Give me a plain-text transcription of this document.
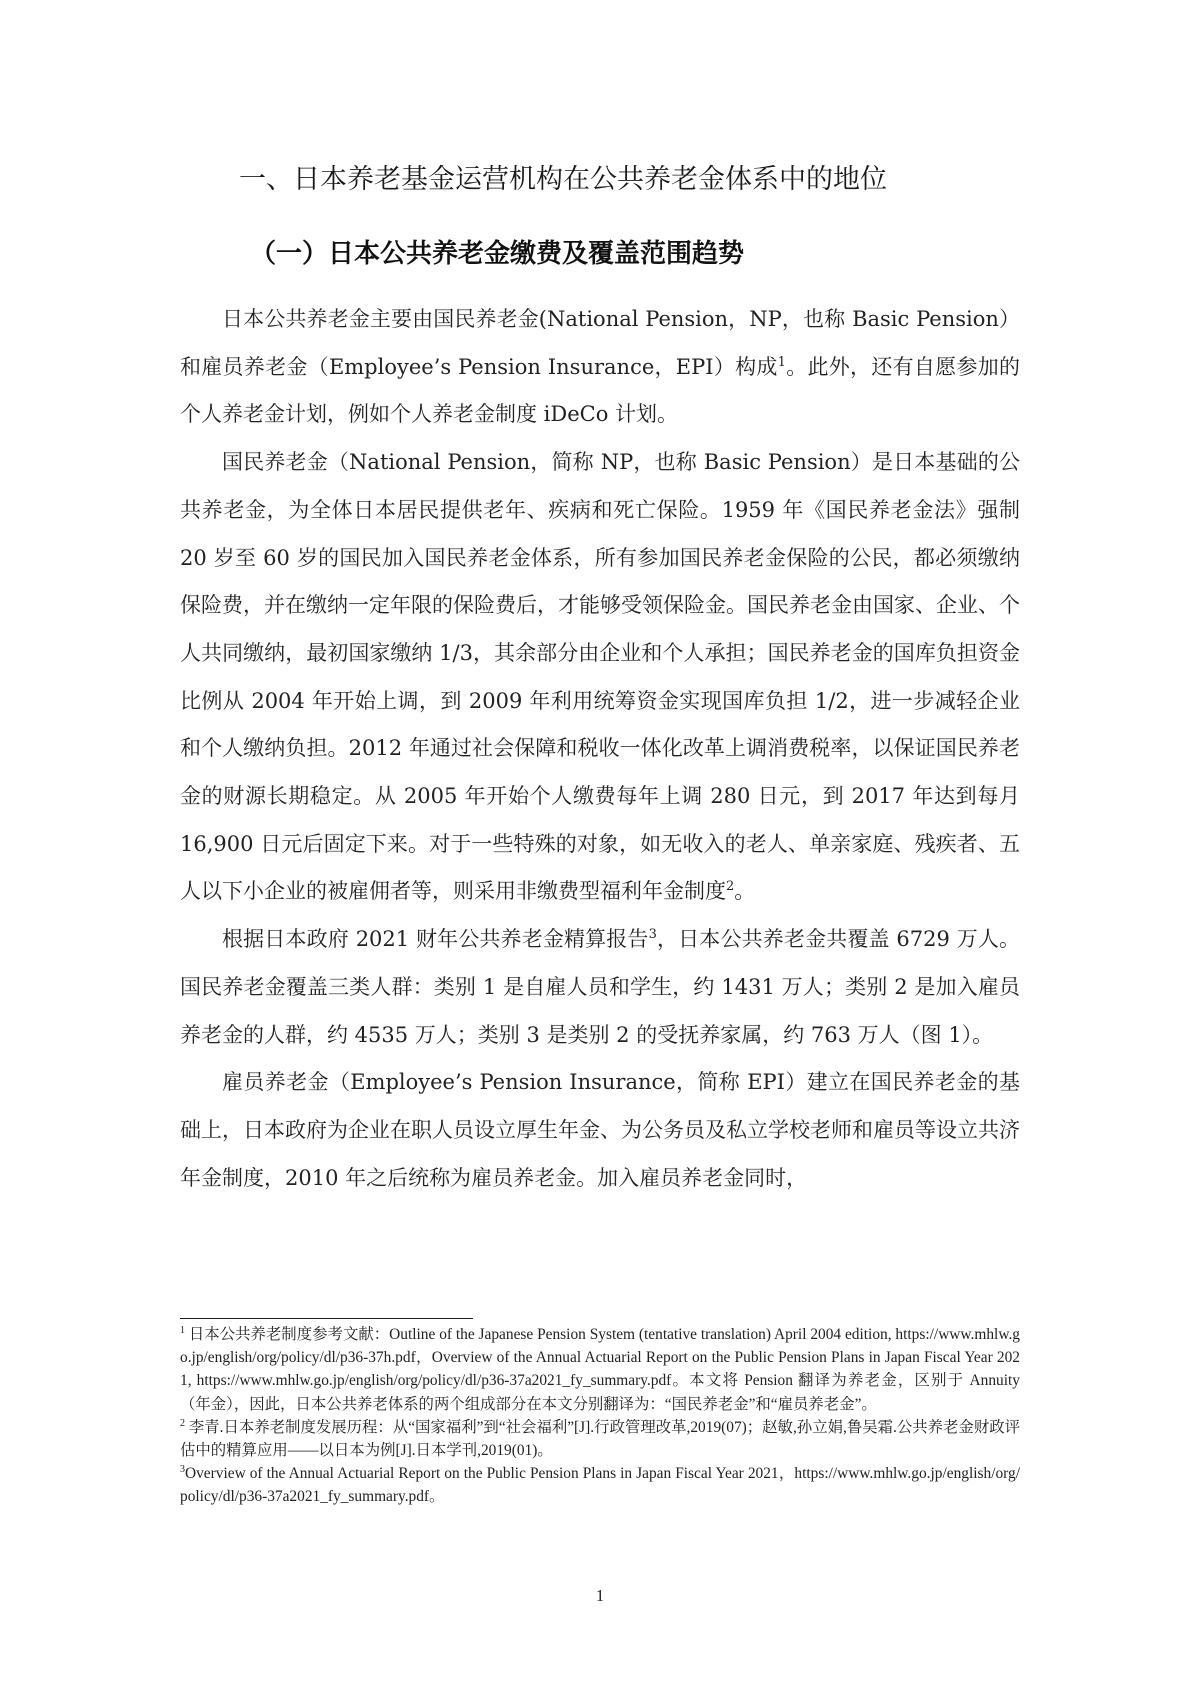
一、日本养老基金运营机构在公共养老金体系中的地位
（一）日本公共养老金缴费及覆盖范围趋势

日本公共养老金主要由国民养老金(National Pension，NP，也称 Basic Pension）和雇员养老金（Employee’s Pension Insurance，EPI）构成$^1$。此外，还有自愿参加的个人养老金计划，例如个人养老金制度 iDeCo 计划。

国民养老金（National Pension，简称 NP，也称 Basic Pension）是日本基础的公共养老金，为全体日本居民提供老年、疾病和死亡保险。1959 年《国民养老金法》强制 20 岁至 60 岁的国民加入国民养老金体系，所有参加国民养老金保险的公民，都必须缴纳保险费，并在缴纳一定年限的保险费后，才能够受领保险金。国民养老金由国家、企业、个人共同缴纳，最初国家缴纳 1/3，其余部分由企业和个人承担；国民养老金的国库负担资金比例从 2004 年开始上调，到 2009 年利用统筹资金实现国库负担 1/2，进一步减轻企业和个人缴纳负担。2012 年通过社会保障和税收一体化改革上调消费税率，以保证国民养老金的财源长期稳定。从 2005 年开始个人缴费每年上调 280 日元，到 2017 年达到每月 16,900 日元后固定下来。对于一些特殊的对象，如无收入的老人、单亲家庭、残疾者、五人以下小企业的被雇佣者等，则采用非缴费型福利年金制度$^2$。

根据日本政府 2021 财年公共养老金精算报告$^3$，日本公共养老金共覆盖 6729 万人。国民养老金覆盖三类人群：类别 1 是自雇人员和学生，约 1431 万人；类别 2 是加入雇员养老金的人群，约 4535 万人；类别 3 是类别 2 的受抚养家属，约 763 万人（图 1）。

雇员养老金（Employee’s Pension Insurance，简称 EPI）建立在国民养老金的基础上，日本政府为企业在职人员设立厚生年金、为公务员及私立学校老师和雇员等设立共济年金制度，2010 年之后统称为雇员养老金。加入雇员养老金同时，

$^1$ 日本公共养老制度参考文献：Outline of the Japanese Pension System (tentative translation) April 2004 edition, https://www.mhlw.go.jp/english/org/policy/dl/p36-37h.pdf，Overview of the Annual Actuarial Report on the Public Pension Plans in Japan Fiscal Year 2021, https://www.mhlw.go.jp/english/org/policy/dl/p36-37a2021_fy_summary.pdf。本文将 Pension 翻译为养老金，区别于 Annuity（年金），因此，日本公共养老体系的两个组成部分在本文分别翻译为：“国民养老金”和“雇员养老金”。

$^2$ 李青.日本养老制度发展历程：从“国家福利”到“社会福利”[J].行政管理改革,2019(07)；赵敏,孙立娟,鲁吴霜.公共养老金财政评估中的精算应用——以日本为例[J].日本学刊,2019(01)。

$^3$Overview of the Annual Actuarial Report on the Public Pension Plans in Japan Fiscal Year 2021，https://www.mhlw.go.jp/english/org/policy/dl/p36-37a2021_fy_summary.pdf。

1
